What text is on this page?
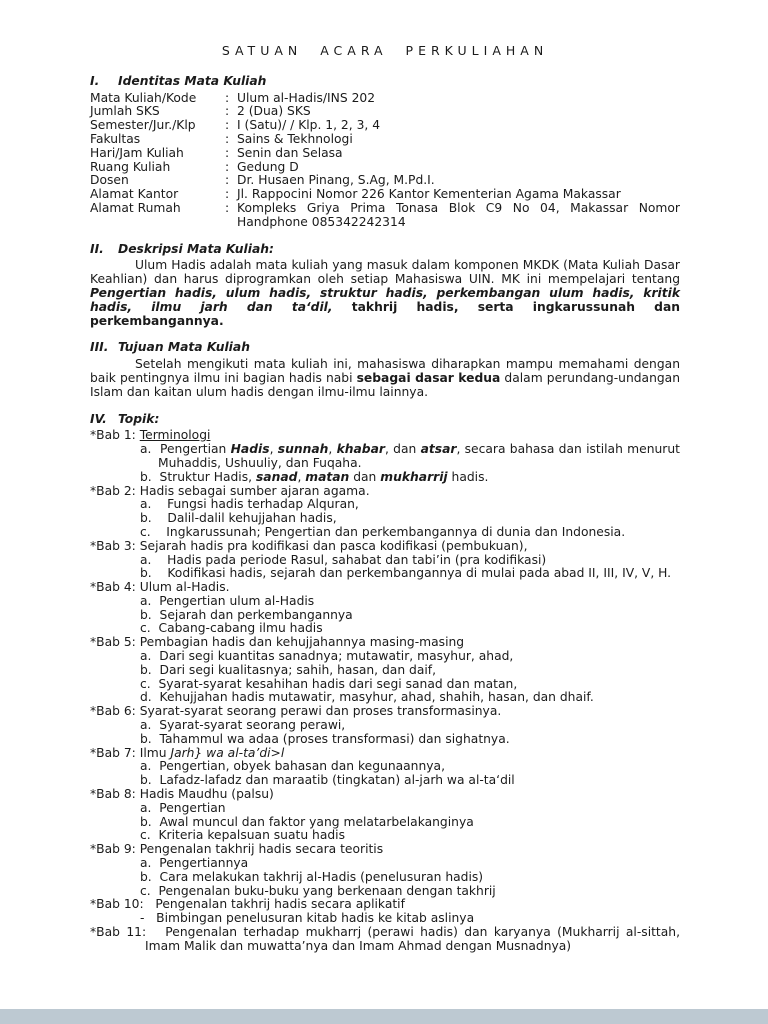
SATUAN ACARA PERKULIAHAN
I. Identitas Mata Kuliah
Mata Kuliah/Kode	: Ulum al-Hadis/INS 202
Jumlah SKS	: 2 (Dua) SKS
Semester/Jur./Klp	: I (Satu)/ / Klp. 1, 2, 3, 4
Fakultas	: Sains & Tekhnologi
Hari/Jam Kuliah	: Senin dan Selasa
Ruang Kuliah	: Gedung D
Dosen	: Dr. Husaen Pinang, S.Ag, M.Pd.I.
Alamat Kantor	: Jl. Rappocini Nomor 226 Kantor Kementerian Agama Makassar
Alamat Rumah	: Kompleks Griya Prima Tonasa Blok C9 No 04, Makassar Nomor Handphone 085342242314
II. Deskripsi Mata Kuliah:

Ulum Hadis adalah mata kuliah yang masuk dalam komponen MKDK (Mata Kuliah Dasar Keahlian) dan harus diprogramkan oleh setiap Mahasiswa UIN. MK ini mempelajari tentang Pengertian hadis, ulum hadis, struktur hadis, perkembangan ulum hadis, kritik hadis, ilmu jarh dan ta‘dil, takhrij hadis, serta ingkarussunah dan perkembangannya.

III. Tujuan Mata Kuliah

Setelah mengikuti mata kuliah ini, mahasiswa diharapkan mampu memahami dengan baik pentingnya ilmu ini bagian hadis nabi sebagai dasar kedua dalam perundang-undangan Islam dan kaitan ulum hadis dengan ilmu-ilmu lainnya.

IV. Topik:

*Bab 1: Terminologi

a.  Pengertian Hadis, sunnah, khabar, dan atsar, secara bahasa dan istilah menurut Muhaddis, Ushuuliy, dan Fuqaha.

b.  Struktur Hadis, sanad, matan dan mukharrij hadis.

*Bab 2: Hadis sebagai sumber ajaran agama.

a.    Fungsi hadis terhadap Alquran,

b.    Dalil-dalil kehujjahan hadis,

c.    Ingkarussunah; Pengertian dan perkembangannya di dunia dan Indonesia.

*Bab 3: Sejarah hadis pra kodifikasi dan pasca kodifikasi (pembukuan),

a.    Hadis pada periode Rasul, sahabat dan tabi’in (pra kodifikasi)

b.    Kodifikasi hadis, sejarah dan perkembangannya di mulai pada abad II, III, IV, V, H.

*Bab 4: Ulum al-Hadis.

a.  Pengertian ulum al-Hadis

b.  Sejarah dan perkembangannya

c.  Cabang-cabang ilmu hadis

*Bab 5: Pembagian hadis dan kehujjahannya masing-masing

a.  Dari segi kuantitas sanadnya; mutawatir, masyhur, ahad,

b.  Dari segi kualitasnya; sahih, hasan, dan daif,

c.  Syarat-syarat kesahihan hadis dari segi sanad dan matan,

d.  Kehujjahan hadis mutawatir, masyhur, ahad, shahih, hasan, dan dhaif.

*Bab 6: Syarat-syarat seorang perawi dan proses transformasinya.

a.  Syarat-syarat seorang perawi,

b.  Tahammul wa adaa (proses transformasi) dan sighatnya.

*Bab 7: Ilmu Jarh} wa al-ta’di>l

a.  Pengertian, obyek bahasan dan kegunaannya,

b.  Lafadz-lafadz dan maraatib (tingkatan) al-jarh wa al-ta‘dil

*Bab 8: Hadis Maudhu (palsu)

a.  Pengertian

b.  Awal muncul dan faktor yang melatarbelakanginya

c.  Kriteria kepalsuan suatu hadis

*Bab 9: Pengenalan takhrij hadis secara teoritis

a.  Pengertiannya

b.  Cara melakukan takhrij al-Hadis (penelusuran hadis)

c.  Pengenalan buku-buku yang berkenaan dengan takhrij

*Bab 10:   Pengenalan takhrij hadis secara aplikatif

-   Bimbingan penelusuran kitab hadis ke kitab aslinya

*Bab 11:   Pengenalan terhadap mukharrj (perawi hadis) dan karyanya (Mukharrij al-sittah, Imam Malik dan muwatta’nya dan Imam Ahmad dengan Musnadnya)
